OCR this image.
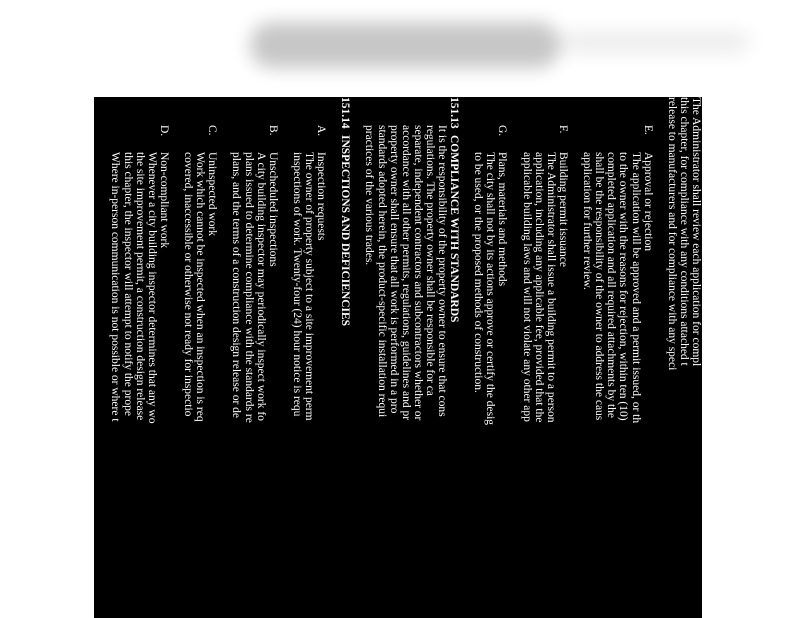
The Administrator shall review each application for compl
this chapter, for compliance with any conditions attached t
release to manufacturers and for compliance with any speci
E.Approval or rejection
The application will be approved and a permit issued, or th
to the owner with the reasons for rejection, within ten (10)
completed application and all required attachments by the
shall be the responsibility of the owner to address the caus
application for further review.
F.Building permit issuance
The Administrator shall issue a building permit to a person
application, including any applicable fee, provided that the
applicable building laws and will not violate any other app
G.Plans, materials and methods
The city shall not by its actions approve or certify the desig
to be used, or the proposed methods of construction.
151.13COMPLIANCE WITH STANDARDS
It is the responsibility of the property owner to ensure that cons
regulations. The property owner shall be responsible for ca
separate, independent contractors and subcontractors whether or
accordance with all other permits, regulations, guidelines and pr
property owner shall ensure that all work is performed in a pro
standards adopted herein, the product-specific installation requi
practices of the various trades.
151.14INSPECTIONS AND DEFICIENCIES
A.Inspection requests
The owner of property subject to a site improvement perm
inspections of work. Twenty-four (24) hour notice is requ
B.Unscheduled inspections
A city building inspector may periodically inspect work fo
plans issued to determine compliance with the standards re
plans, and the terms of a construction design release or de
C.Uninspected work
Work which cannot be inspected when an inspection is req
covered, inaccessible or otherwise not ready for inspectio
D.Non-compliant work
Whenever a city building inspector determines that any wo
the site improvement permit, a construction design release
this chapter, the inspector will attempt to notify the prope
Where in-person communication is not possible or where t
